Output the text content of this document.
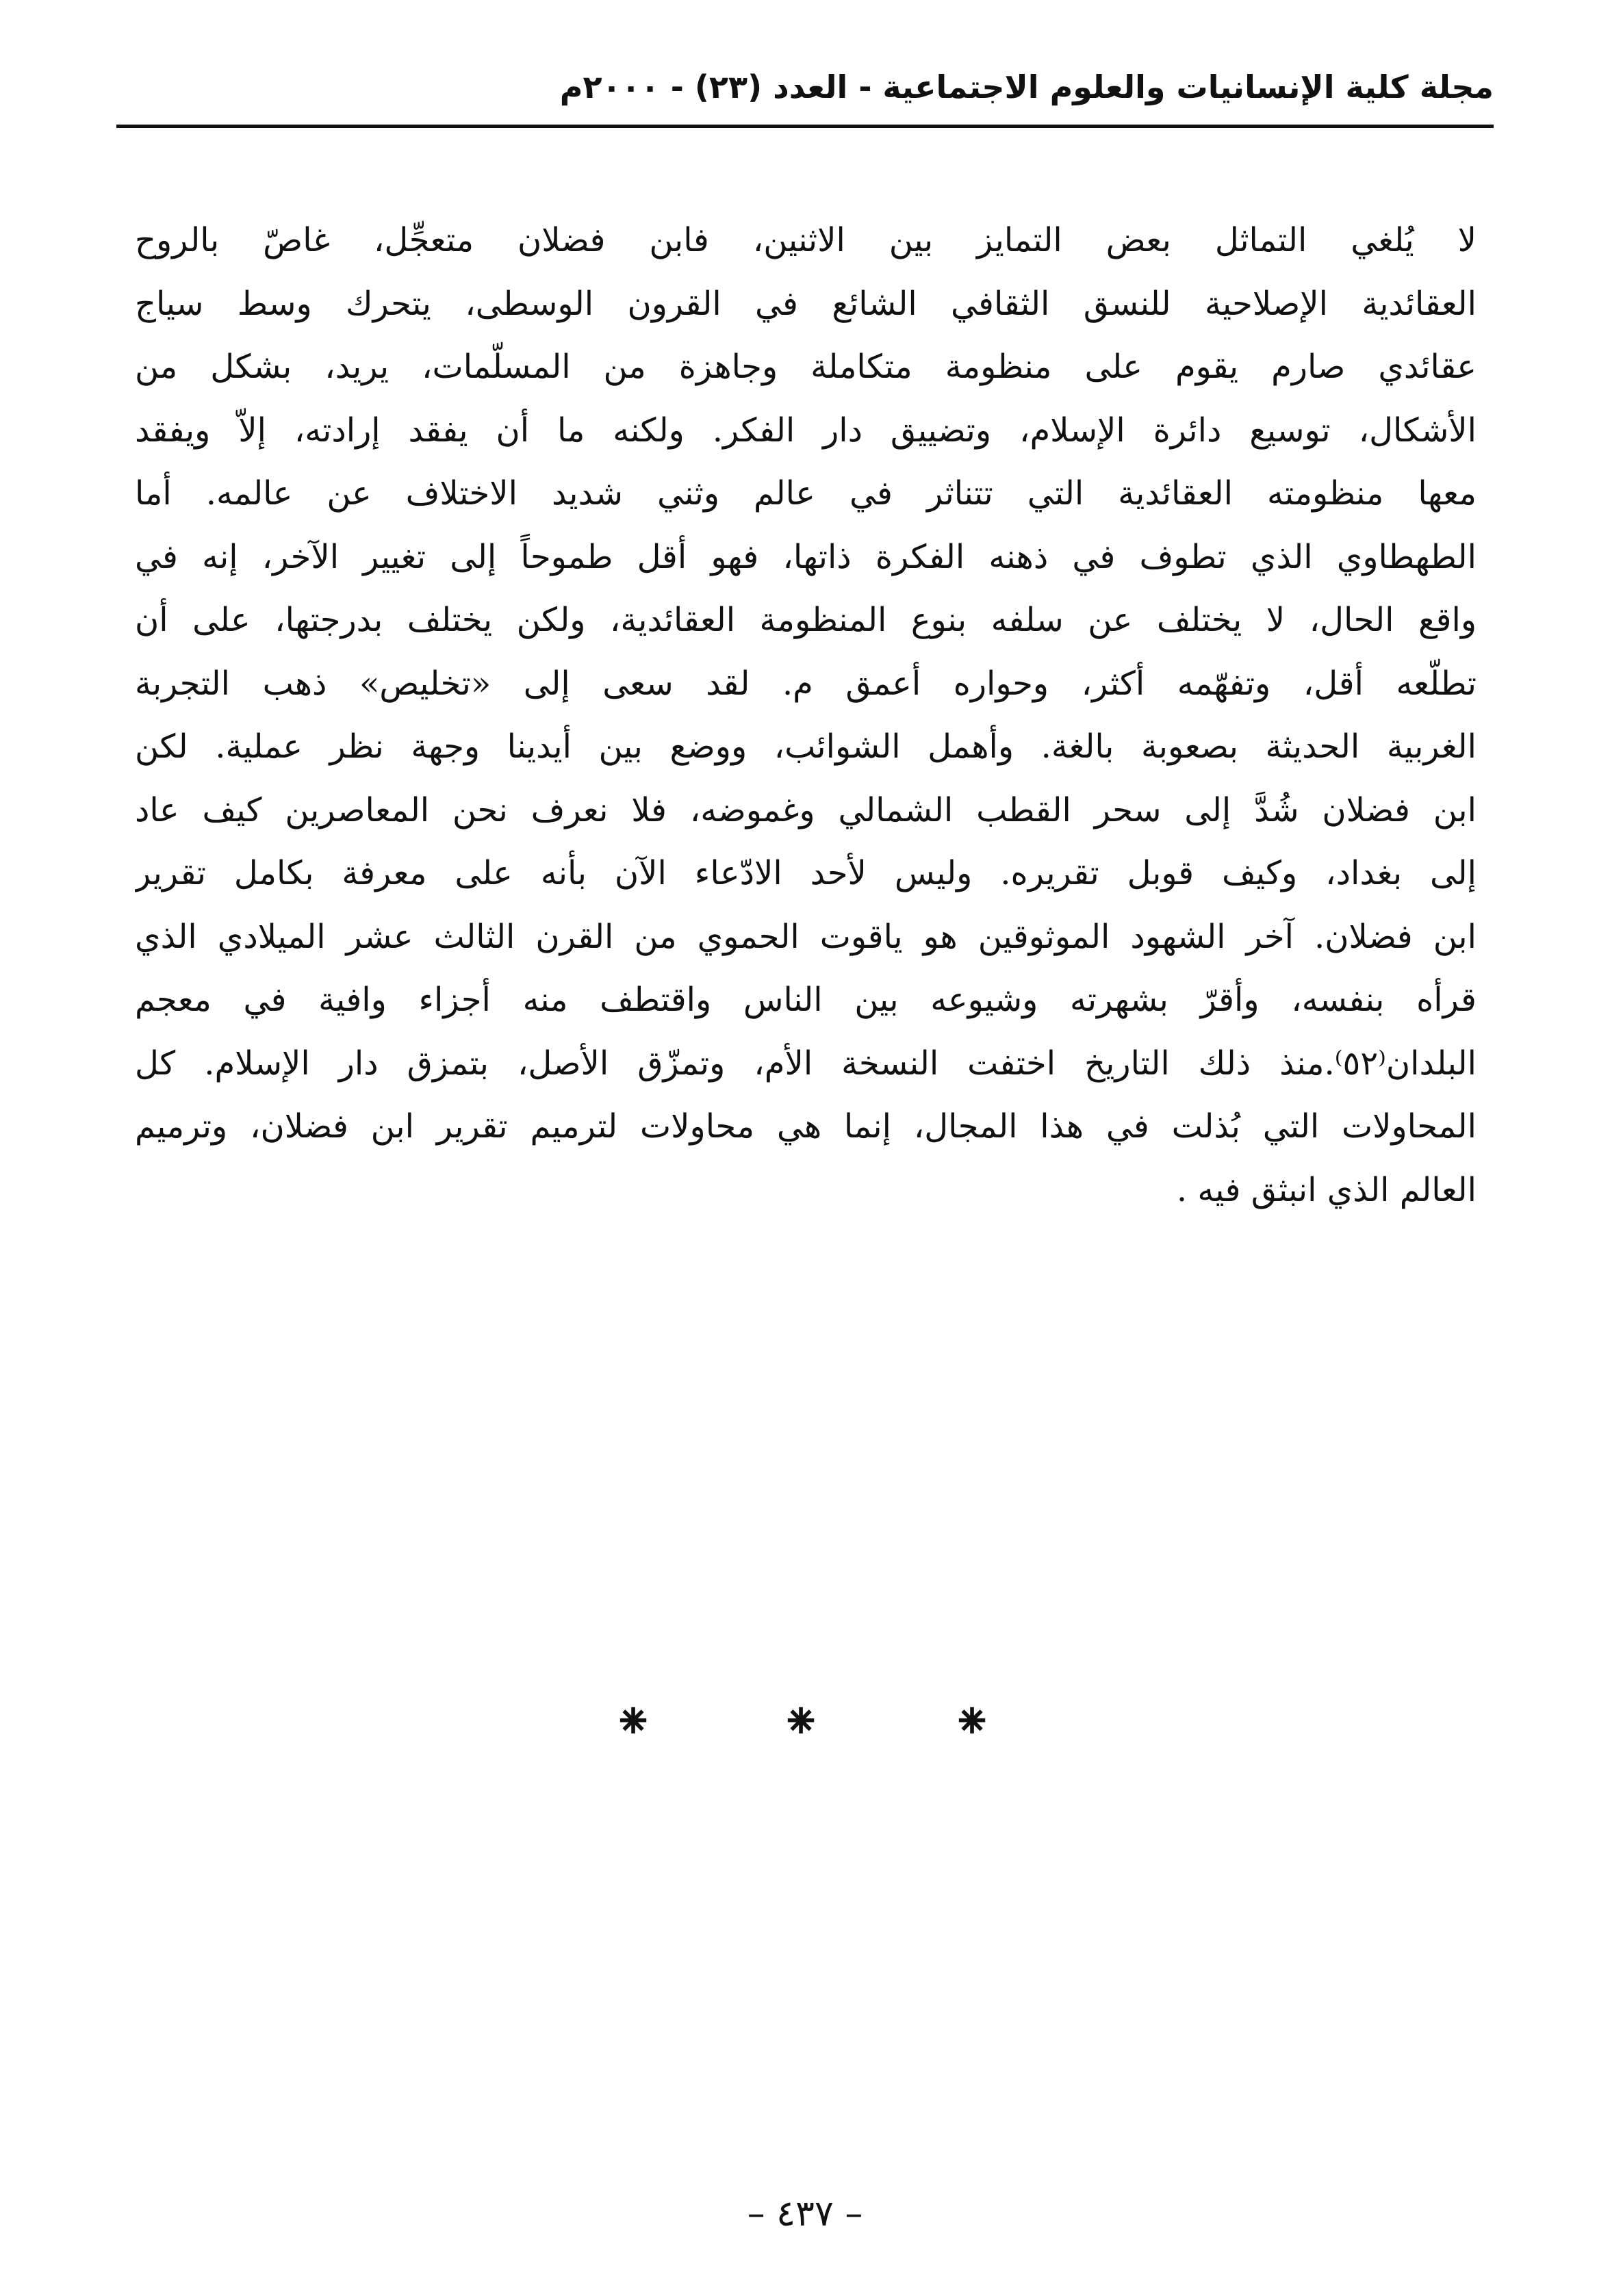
مجلة كلية الإنسانيات والعلوم الاجتماعية - العدد (٢٣) - ٢٠٠٠م
لا يُلغي التماثل بعض التمايز بين الاثنين، فابن فضلان متعجِّل، غاصّ بالروح
العقائدية الإصلاحية للنسق الثقافي الشائع في القرون الوسطى، يتحرك وسط سياج
عقائدي صارم يقوم على منظومة متكاملة وجاهزة من المسلّمات، يريد، بشكل من
الأشكال، توسيع دائرة الإسلام، وتضييق دار الفكر. ولكنه ما أن يفقد إرادته، إلاّ ويفقد
معها منظومته العقائدية التي تتناثر في عالم وثني شديد الاختلاف عن عالمه. أما
الطهطاوي الذي تطوف في ذهنه الفكرة ذاتها، فهو أقل طموحاً إلى تغيير الآخر، إنه في
واقع الحال، لا يختلف عن سلفه بنوع المنظومة العقائدية، ولكن يختلف بدرجتها، على أن
تطلّعه أقل، وتفهّمه أكثر، وحواره أعمق م. لقد سعى إلى «تخليص» ذهب التجربة
الغربية الحديثة بصعوبة بالغة. وأهمل الشوائب، ووضع بين أيدينا وجهة نظر عملية. لكن
ابن فضلان شُدَّ إلى سحر القطب الشمالي وغموضه، فلا نعرف نحن المعاصرين كيف عاد
إلى بغداد، وكيف قوبل تقريره. وليس لأحد الادّعاء الآن بأنه على معرفة بكامل تقرير
ابن فضلان. آخر الشهود الموثوقين هو ياقوت الحموي من القرن الثالث عشر الميلادي الذي
قرأه بنفسه، وأقرّ بشهرته وشيوعه بين الناس واقتطف منه أجزاء وافية في معجم
البلدان⁽٥٢⁾.منذ ذلك التاريخ اختفت النسخة الأم، وتمزّق الأصل، بتمزق دار الإسلام. كل
المحاولات التي بُذلت في هذا المجال، إنما هي محاولات لترميم تقرير ابن فضلان، وترميم
العالم الذي انبثق فيه .
⁕	⁕	⁕
– ٤٣٧ –
